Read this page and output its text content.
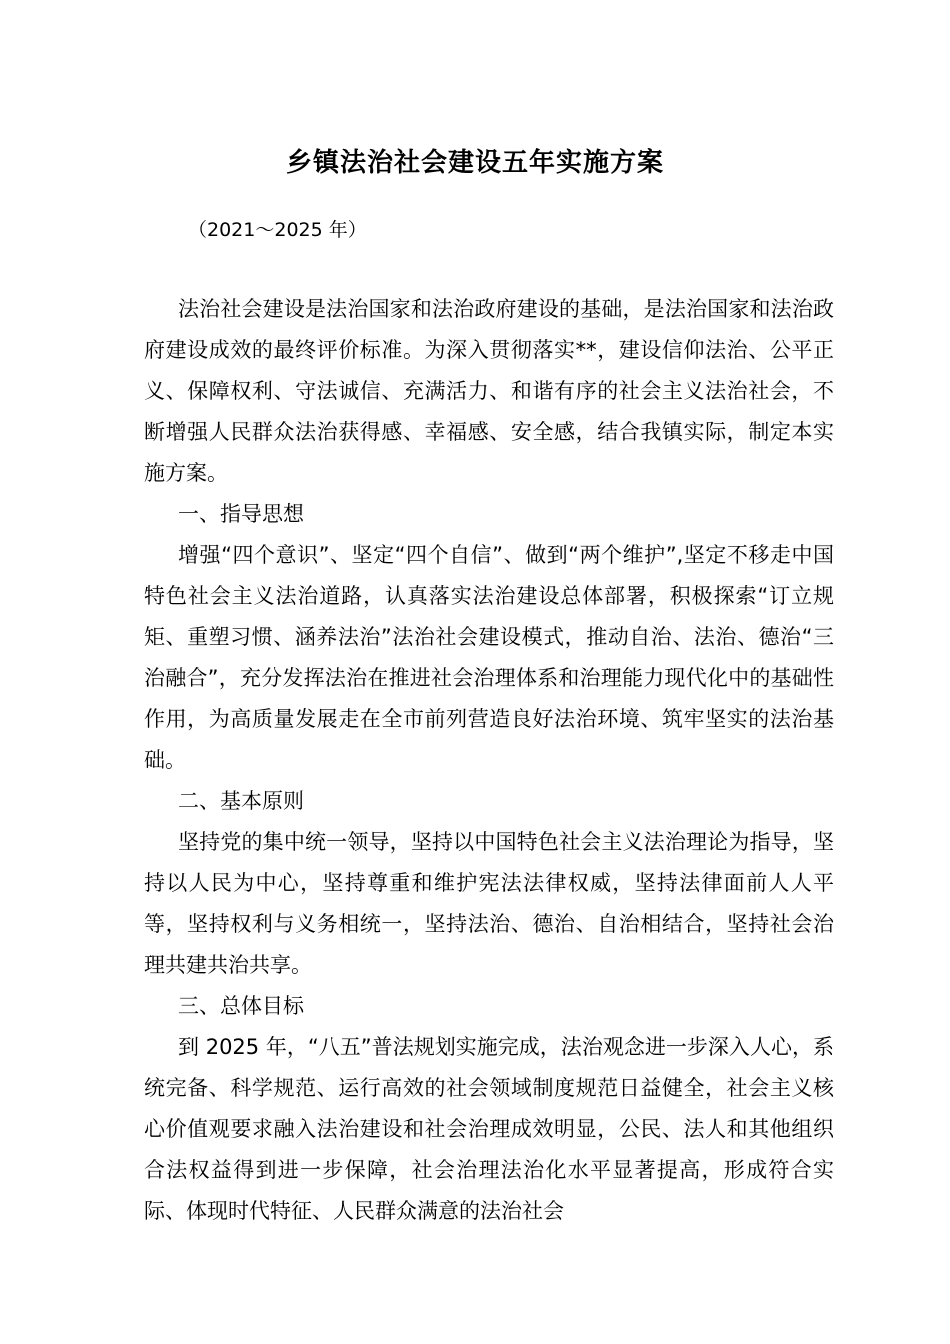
乡镇法治社会建设五年实施方案
（2021～2025 年）

法治社会建设是法治国家和法治政府建设的基础，是法治国家和法治政府建设成效的最终评价标准。为深入贯彻落实**，建设信仰法治、公平正义、保障权利、守法诚信、充满活力、和谐有序的社会主义法治社会，不断增强人民群众法治获得感、幸福感、安全感，结合我镇实际，制定本实施方案。

一、指导思想

增强“四个意识”、坚定“四个自信”、做到“两个维护”,坚定不移走中国特色社会主义法治道路，认真落实法治建设总体部署，积极探索“订立规矩、重塑习惯、涵养法治”法治社会建设模式，推动自治、法治、德治“三治融合”，充分发挥法治在推进社会治理体系和治理能力现代化中的基础性作用，为高质量发展走在全市前列营造良好法治环境、筑牢坚实的法治基础。

二、基本原则

坚持党的集中统一领导，坚持以中国特色社会主义法治理论为指导，坚持以人民为中心，坚持尊重和维护宪法法律权威，坚持法律面前人人平等，坚持权利与义务相统一，坚持法治、德治、自治相结合，坚持社会治理共建共治共享。

三、总体目标

到 2025 年，“八五”普法规划实施完成，法治观念进一步深入人心，系统完备、科学规范、运行高效的社会领域制度规范日益健全，社会主义核心价值观要求融入法治建设和社会治理成效明显，公民、法人和其他组织合法权益得到进一步保障，社会治理法治化水平显著提高，形成符合实际、体现时代特征、人民群众满意的法治社会
